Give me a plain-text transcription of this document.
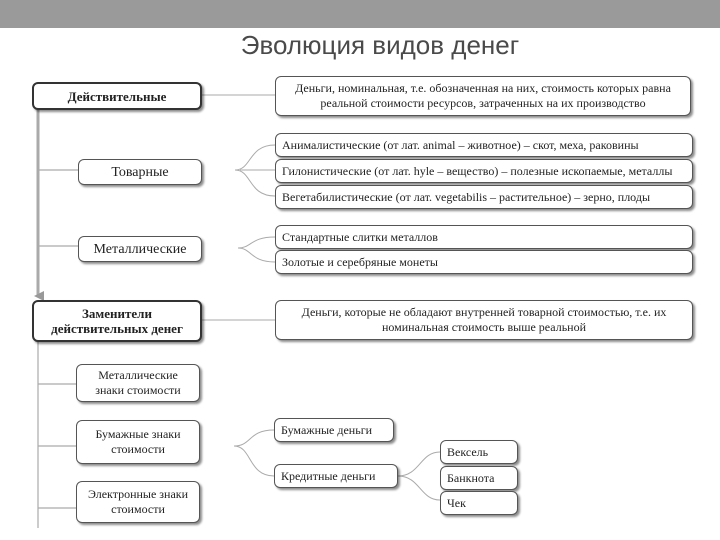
Эволюция видов денег
Действительные
Деньги, номинальная, т.е. обозначенная на них, стоимость которых равна реальной стоимости ресурсов, затраченных на их производство
Анималистические (от лат. animal – животное) – скот, меха, раковины
Товарные	Гилонистические (от лат. hyle – вещество) – полезные ископаемые, металлы
Вегетабилистические (от лат. vegetabilis – растительное) – зерно, плоды
Стандартные слитки металлов
Металлические
Золотые и серебряные монеты
Заменители действительных денег
Деньги, которые не обладают внутренней товарной стоимостью, т.е. их номинальная стоимость выше реальной
Металлические знаки стоимости
Бумажные знаки стоимости
Электронные знаки стоимости
Бумажные деньги
Кредитные деньги
Вексель
Банкнота
Чек
